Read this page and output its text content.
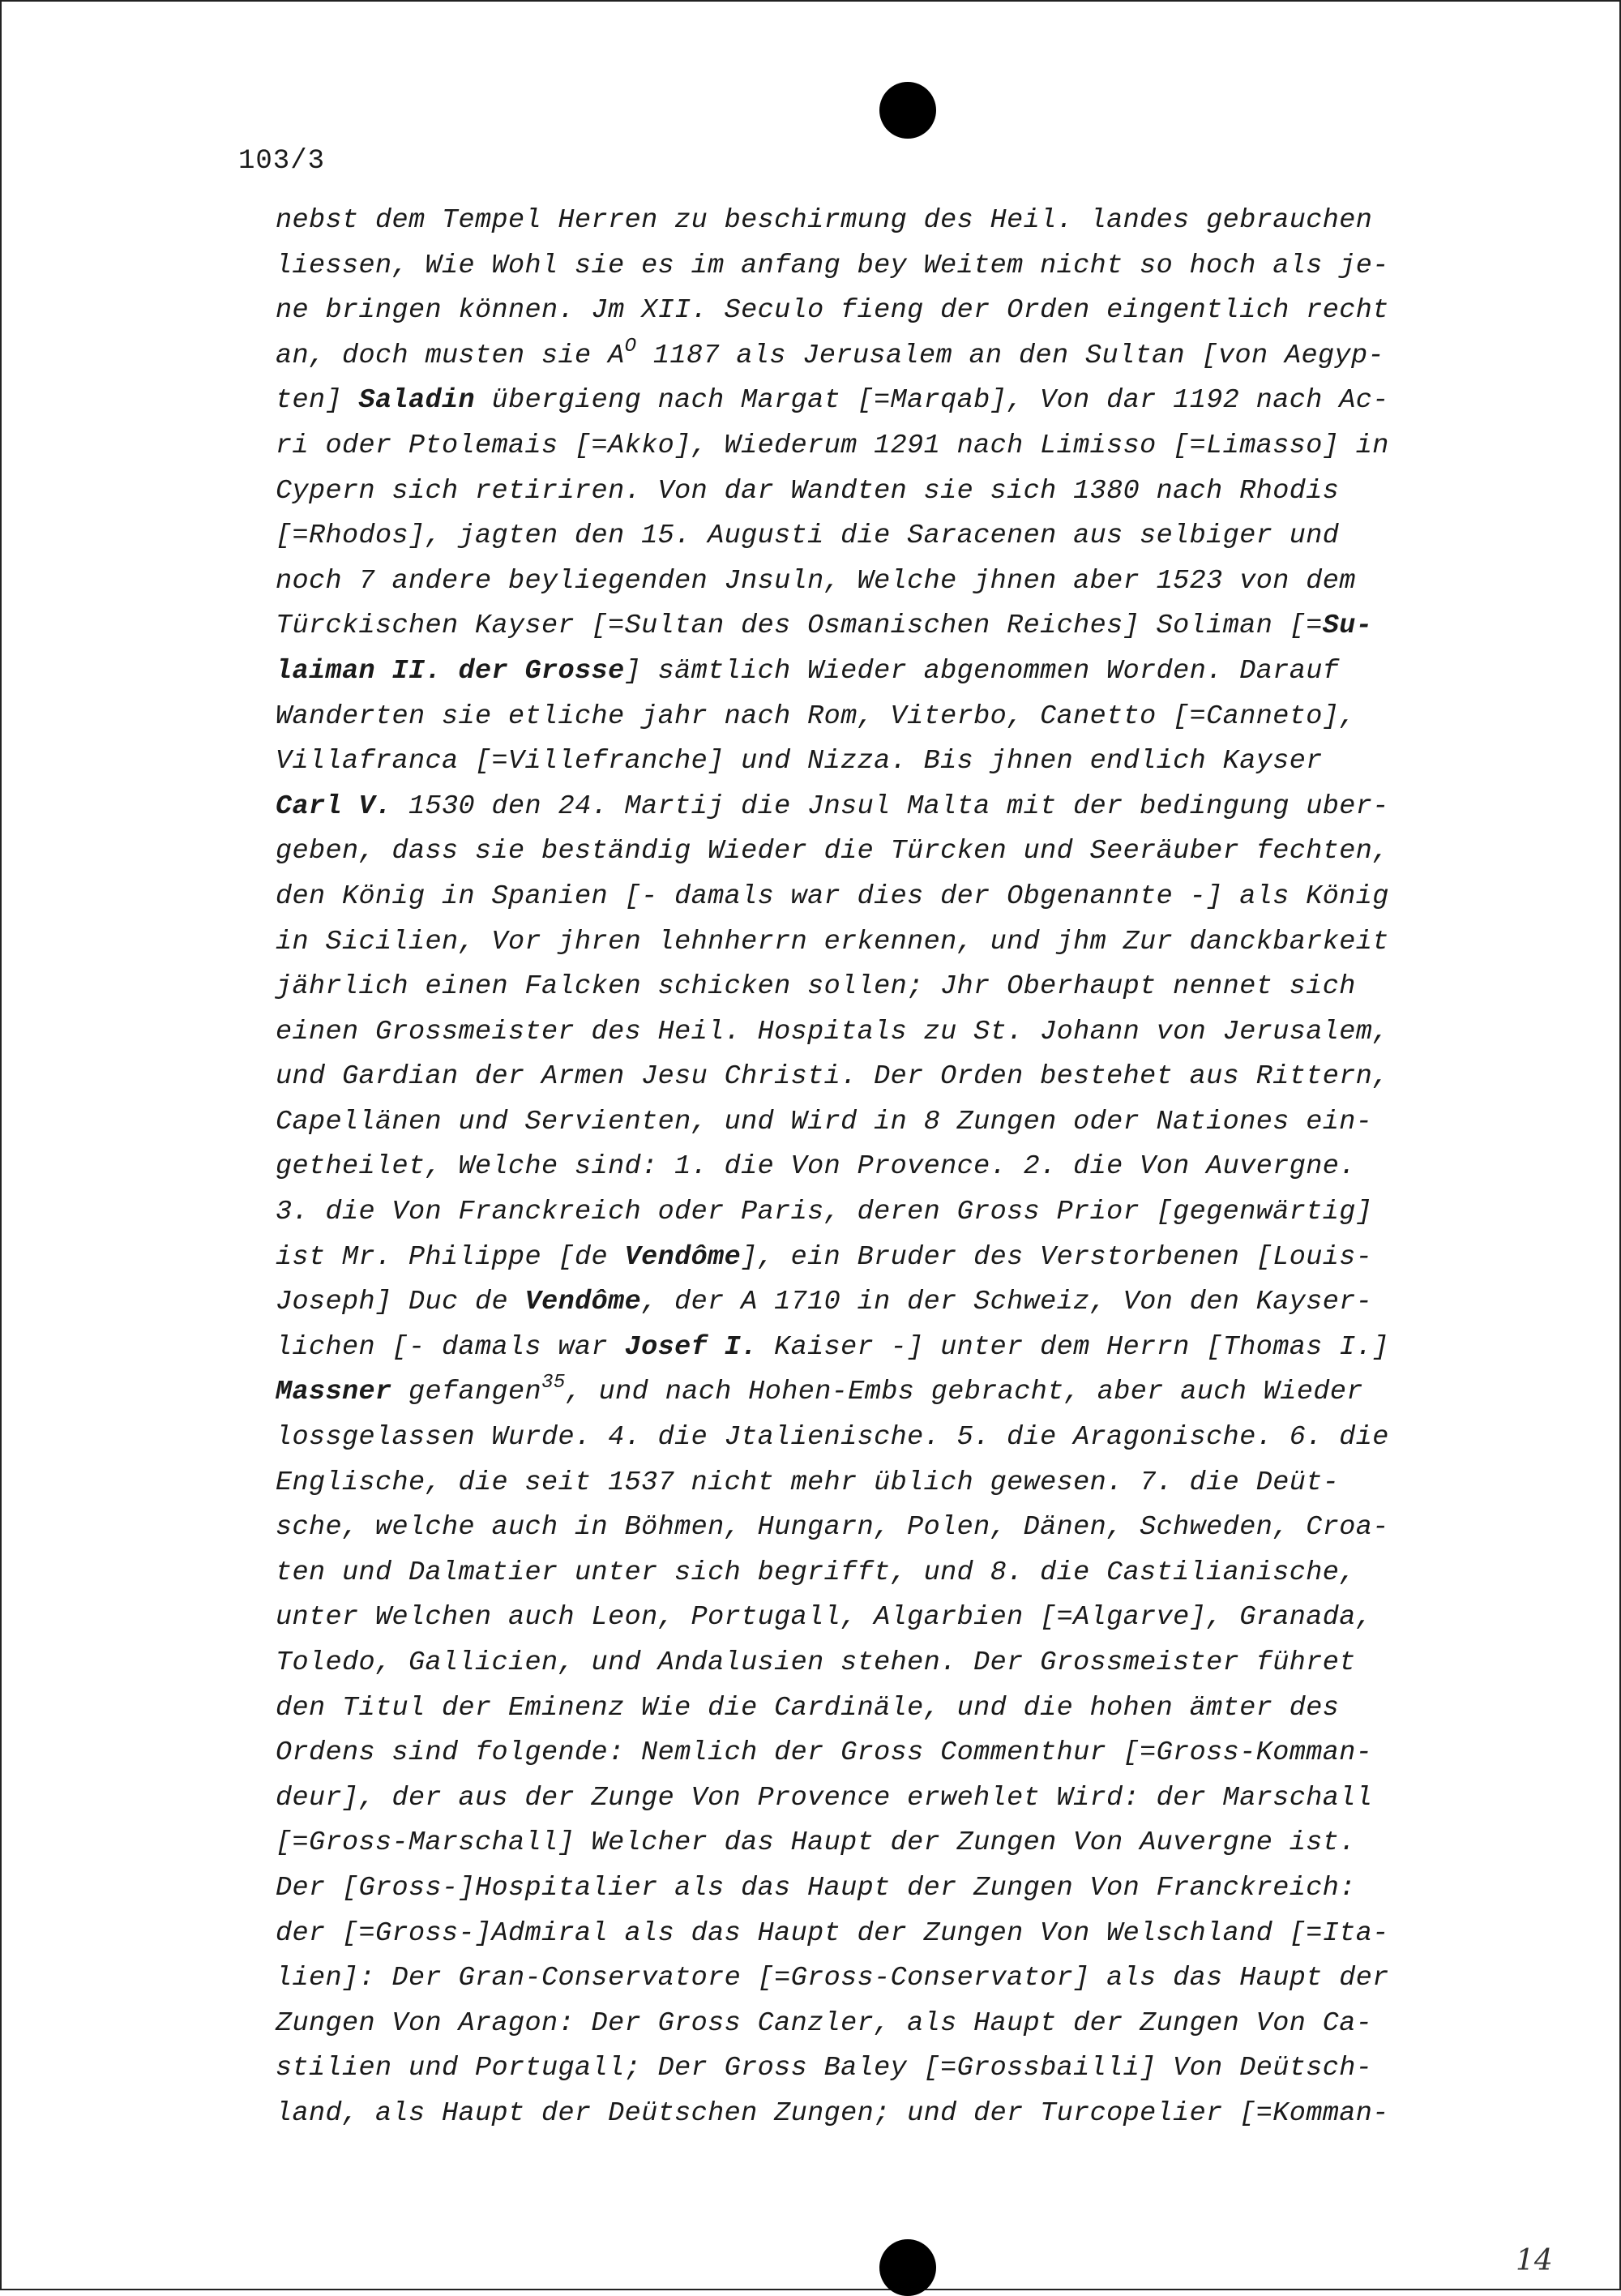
103/3
nebst dem Tempel Herren zu beschirmung des Heil. landes gebrauchen
liessen, Wie Wohl sie es im anfang bey Weitem nicht so hoch als je-
ne bringen können. Jm XII. Seculo fieng der Orden eingentlich recht
an, doch musten sie $A^O$ 1187 als Jerusalem an den Sultan [von Aegyp-
ten] Saladin übergieng nach Margat [=Marqab], Von dar 1192 nach Ac-
ri oder Ptolemais [=Akko], Wiederum 1291 nach Limisso [=Limasso] in
Cypern sich retiriren. Von dar Wandten sie sich 1380 nach Rhodis
[=Rhodos], jagten den 15. Augusti die Saracenen aus selbiger und
noch 7 andere beyliegenden Jnsuln, Welche jhnen aber 1523 von dem
Türckischen Kayser [=Sultan des Osmanischen Reiches] Soliman [=Su-
laiman II. der Grosse] sämtlich Wieder abgenommen Worden. Darauf
Wanderten sie etliche jahr nach Rom, Viterbo, Canetto [=Canneto],
Villafranca [=Villefranche] und Nizza. Bis jhnen endlich Kayser
Carl V. 1530 den 24. Martij die Jnsul Malta mit der bedingung uber-
geben, dass sie beständig Wieder die Türcken und Seeräuber fechten,
den König in Spanien [- damals war dies der Obgenannte -] als König
in Sicilien, Vor jhren lehnherrn erkennen, und jhm Zur danckbarkeit
jährlich einen Falcken schicken sollen; Jhr Oberhaupt nennet sich
einen Grossmeister des Heil. Hospitals zu St. Johann von Jerusalem,
und Gardian der Armen Jesu Christi. Der Orden bestehet aus Rittern,
Capellänen und Servienten, und Wird in 8 Zungen oder Nationes ein-
getheilet, Welche sind: 1. die Von Provence. 2. die Von Auvergne.
3. die Von Franckreich oder Paris, deren Gross Prior [gegenwärtig]
ist Mr. Philippe [de Vendôme], ein Bruder des Verstorbenen [Louis-
Joseph] Duc de Vendôme, der A 1710 in der Schweiz, Von den Kayser-
lichen [- damals war Josef I. Kaiser -] unter dem Herrn [Thomas I.]
Massner gefangen$^{35}$, und nach Hohen-Embs gebracht, aber auch Wieder
lossgelassen Wurde. 4. die Jtalienische. 5. die Aragonische. 6. die
Englische, die seit 1537 nicht mehr üblich gewesen. 7. die Deüt-
sche, welche auch in Böhmen, Hungarn, Polen, Dänen, Schweden, Croa-
ten und Dalmatier unter sich begrifft, und 8. die Castilianische,
unter Welchen auch Leon, Portugall, Algarbien [=Algarve], Granada,
Toledo, Gallicien, und Andalusien stehen. Der Grossmeister führet
den Titul der Eminenz Wie die Cardinäle, und die hohen ämter des
Ordens sind folgende: Nemlich der Gross Commenthur [=Gross-Komman-
deur], der aus der Zunge Von Provence erwehlet Wird: der Marschall
[=Gross-Marschall] Welcher das Haupt der Zungen Von Auvergne ist.
Der [Gross-]Hospitalier als das Haupt der Zungen Von Franckreich:
der [=Gross-]Admiral als das Haupt der Zungen Von Welschland [=Ita-
lien]: Der Gran-Conservatore [=Gross-Conservator] als das Haupt der
Zungen Von Aragon: Der Gross Canzler, als Haupt der Zungen Von Ca-
stilien und Portugall; Der Gross Baley [=Grossbailli] Von Deütsch-
land, als Haupt der Deütschen Zungen; und der Turcopelier [=Komman-
14
